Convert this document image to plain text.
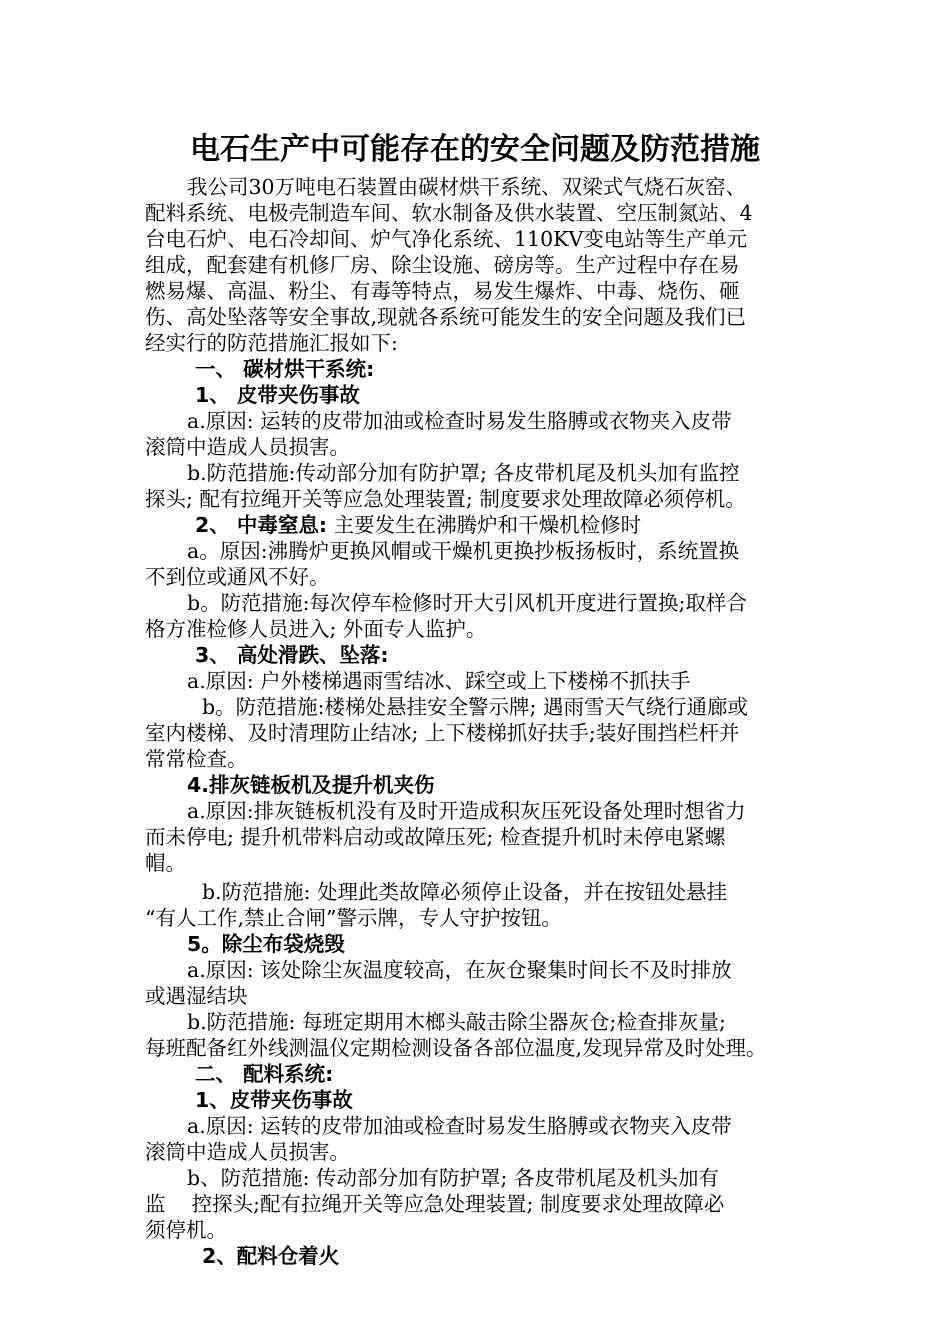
电石生产中可能存在的安全问题及防范措施

我公司30万吨电石装置由碳材烘干系统、双梁式气烧石灰窑、

配料系统、电极壳制造车间、软水制备及供水装置、空压制氮站、4

台电石炉、电石冷却间、炉气净化系统、110KV变电站等生产单元

组成，配套建有机修厂房、除尘设施、磅房等。生产过程中存在易

燃易爆、高温、粉尘、有毒等特点，易发生爆炸、中毒、烧伤、砸

伤、高处坠落等安全事故,现就各系统可能发生的安全问题及我们已

经实行的防范措施汇报如下:

一、 碳材烘干系统:

1、 皮带夹伤事故

a.原因: 运转的皮带加油或检查时易发生胳膊或衣物夹入皮带

滚筒中造成人员损害。

b.防范措施:传动部分加有防护罩; 各皮带机尾及机头加有监控

探头; 配有拉绳开关等应急处理装置; 制度要求处理故障必须停机。

2、 中毒窒息: 主要发生在沸腾炉和干燥机检修时

a。原因:沸腾炉更换风帽或干燥机更换抄板扬板时，系统置换

不到位或通风不好。

b。防范措施:每次停车检修时开大引风机开度进行置换;取样合

格方准检修人员进入; 外面专人监护。

3、 高处滑跌、坠落:

a.原因: 户外楼梯遇雨雪结冰、踩空或上下楼梯不抓扶手

b。防范措施:楼梯处悬挂安全警示牌; 遇雨雪天气绕行通廊或

室内楼梯、及时清理防止结冰; 上下楼梯抓好扶手;装好围挡栏杆并

常常检查。

4.排灰链板机及提升机夹伤

a.原因:排灰链板机没有及时开造成积灰压死设备处理时想省力

而未停电; 提升机带料启动或故障压死; 检查提升机时未停电紧螺

帽。

b.防范措施: 处理此类故障必须停止设备，并在按钮处悬挂

“有人工作,禁止合闸”警示牌，专人守护按钮。

5。除尘布袋烧毁

a.原因: 该处除尘灰温度较高，在灰仓聚集时间长不及时排放

或遇湿结块

b.防范措施: 每班定期用木榔头敲击除尘器灰仓;检查排灰量;

每班配备红外线测温仪定期检测设备各部位温度,发现异常及时处理。

二、 配料系统:

1、皮带夹伤事故

a.原因: 运转的皮带加油或检查时易发生胳膊或衣物夹入皮带

滚筒中造成人员损害。

b、防范措施: 传动部分加有防护罩; 各皮带机尾及机头加有

监    控探头;配有拉绳开关等应急处理装置; 制度要求处理故障必

须停机。

2、配料仓着火
